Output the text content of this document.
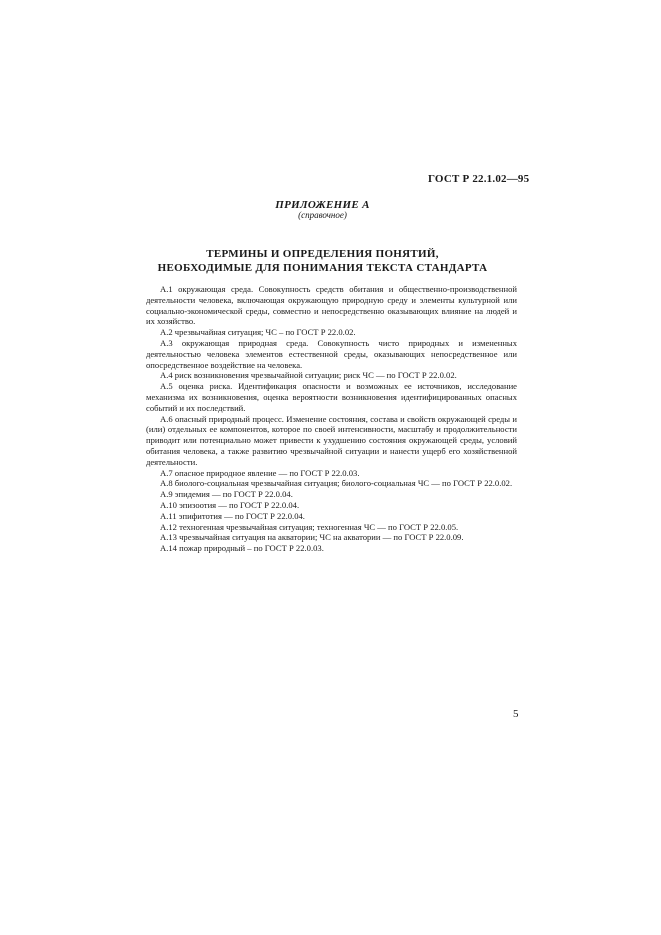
ГОСТ Р 22.1.02—95
ПРИЛОЖЕНИЕ А
(справочное)
ТЕРМИНЫ И ОПРЕДЕЛЕНИЯ ПОНЯТИЙ,
НЕОБХОДИМЫЕ ДЛЯ ПОНИМАНИЯ ТЕКСТА СТАНДАРТА

А.1 окружающая среда. Совокупность средств обитания и общественно-производственной деятельности человека, включающая окружающую природную среду и элементы культурной или социально-экономической среды, совместно и непосредственно оказывающих влияние на людей и их хозяйство.

А.2 чрезвычайная ситуация; ЧС – по ГОСТ Р 22.0.02.

А.3 окружающая природная среда. Совокупность чисто природных и измененных деятельностью человека элементов естественной среды, оказывающих непосредственное или опосредственное воздействие на человека.

А.4 риск возникновения чрезвычайной ситуации; риск ЧС — по ГОСТ Р 22.0.02.

А.5 оценка риска. Идентификация опасности и возможных ее источников, исследование механизма их возникновения, оценка вероятности возникновения идентифицированных опасных событий и их последствий.

А.6 опасный природный процесс. Изменение состояния, состава и свойств окружающей среды и (или) отдельных ее компонентов, которое по своей интенсивности, масштабу и продолжительности приводит или потенциально может привести к ухудшению состояния окружающей среды, условий обитания человека, а также развитию чрезвычайной ситуации и нанести ущерб его хозяйственной деятельности.

А.7 опасное природное явление — по ГОСТ Р 22.0.03.

А.8 биолого-социальная чрезвычайная ситуация; биолого-социальная ЧС — по ГОСТ Р 22.0.02.

А.9 эпидемия — по ГОСТ Р 22.0.04.

А.10 эпизоотия — по ГОСТ Р 22.0.04.

А.11 эпифитотия — по ГОСТ Р 22.0.04.

А.12 техногенная чрезвычайная ситуация; техногенная ЧС — по ГОСТ Р 22.0.05.

А.13 чрезвычайная ситуация на акватории; ЧС на акватории — по ГОСТ Р 22.0.09.

А.14 пожар природный – по ГОСТ Р 22.0.03.

5
